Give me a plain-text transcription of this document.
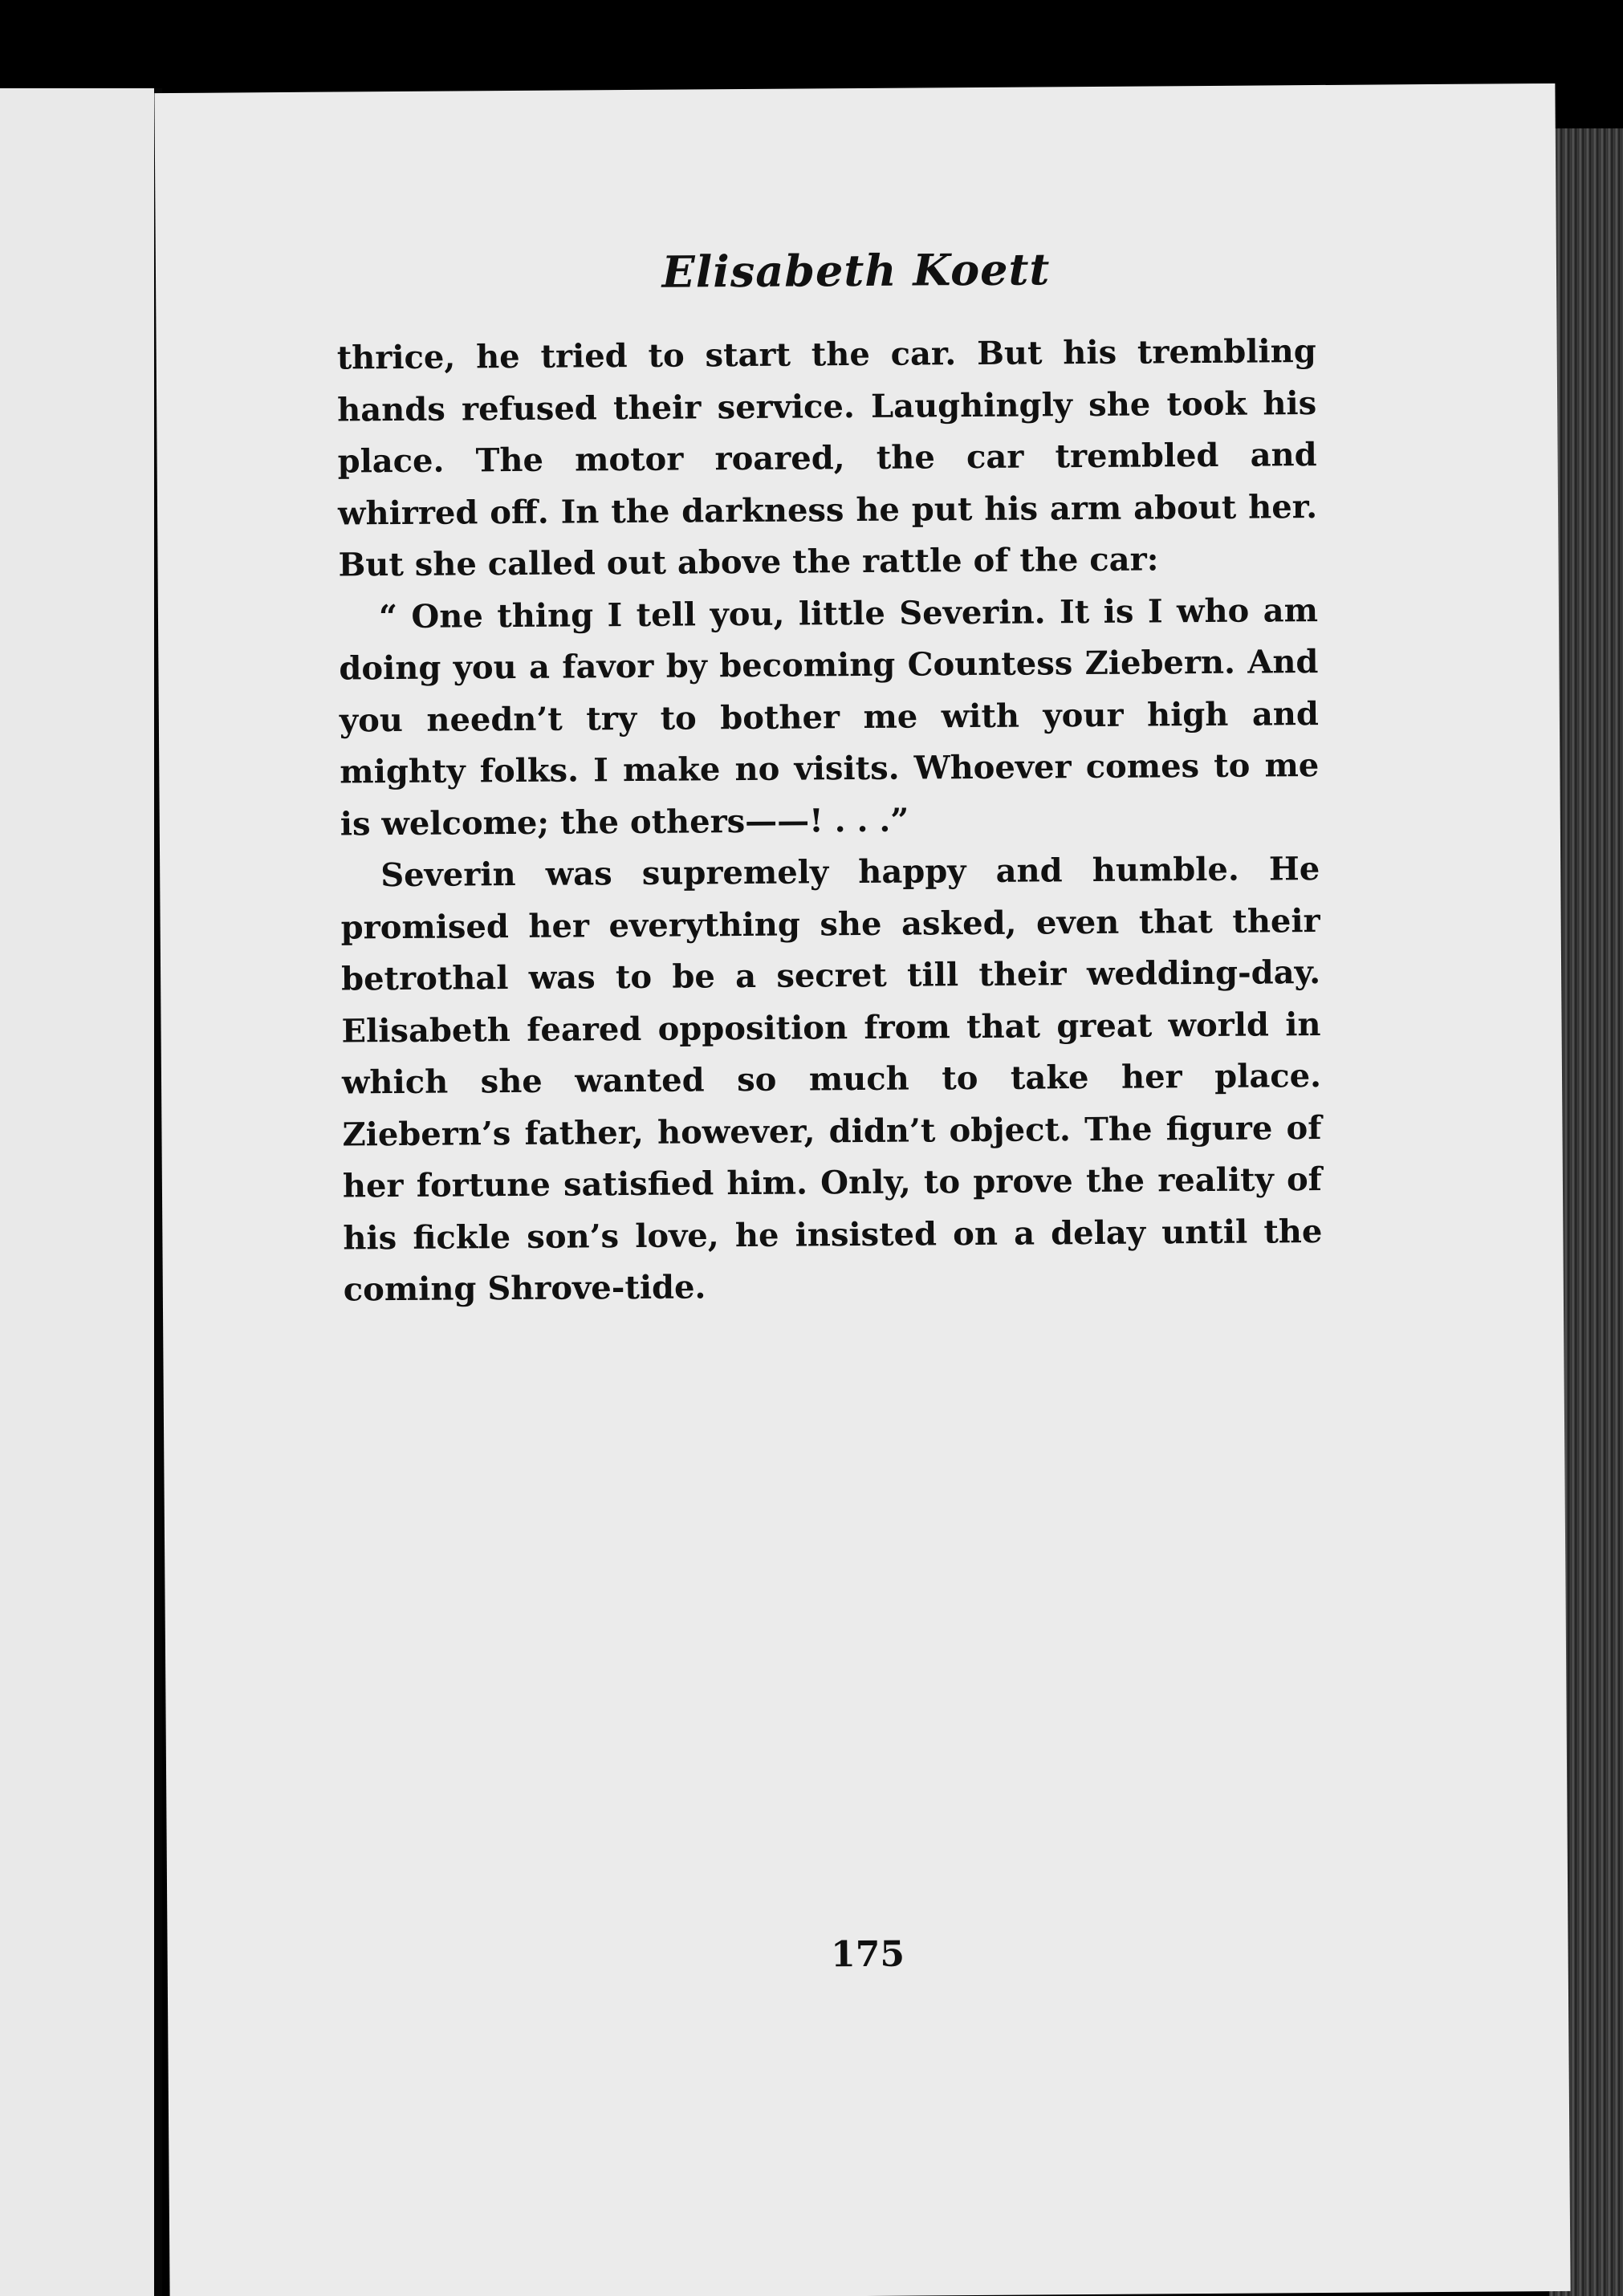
Elisabeth Koett

thrice, he tried to start the car. But his trembling hands refused their service. Laughingly she took his place. The motor roared, the car trembled and whirred off. In the darkness he put his arm about her. But she called out above the rattle of the car:

“ One thing I tell you, little Severin. It is I who am doing you a favor by becoming Countess Ziebern. And you needn’t try to bother me with your high and mighty folks. I make no visits. Whoever comes to me is welcome; the others——! . . .”

Severin was supremely happy and humble. He promised her everything she asked, even that their betrothal was to be a secret till their wedding-day. Elisabeth feared opposition from that great world in which she wanted so much to take her place. Ziebern’s father, however, didn’t object. The figure of her fortune satisfied him. Only, to prove the reality of his fickle son’s love, he insisted on a delay until the coming Shrove-tide.

175
